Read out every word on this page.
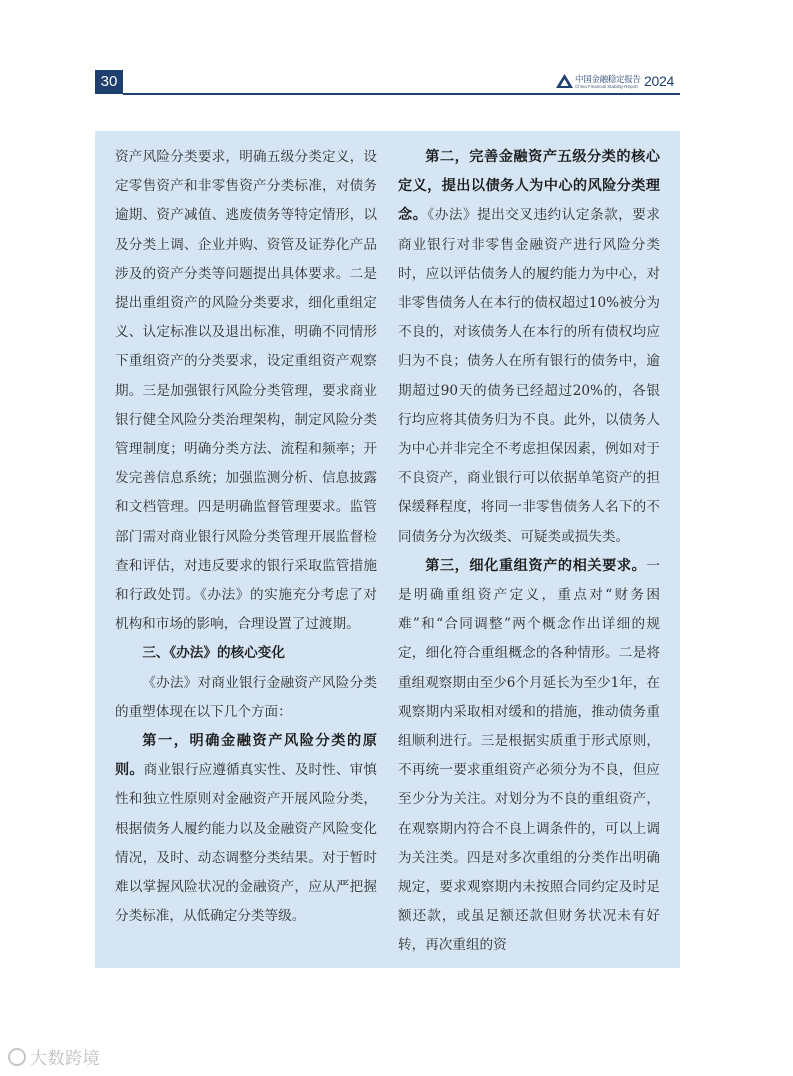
30	中国金融稳定报告
China Financial Stability Report 2024

资产风险分类要求，明确五级分类定义，设定零售资产和非零售资产分类标准，对债务逾期、资产减值、逃废债务等特定情形，以及分类上调、企业并购、资管及证券化产品涉及的资产分类等问题提出具体要求。二是提出重组资产的风险分类要求，细化重组定义、认定标准以及退出标准，明确不同情形下重组资产的分类要求，设定重组资产观察期。三是加强银行风险分类管理，要求商业银行健全风险分类治理架构，制定风险分类管理制度；明确分类方法、流程和频率；开发完善信息系统；加强监测分析、信息披露和文档管理。四是明确监督管理要求。监管部门需对商业银行风险分类管理开展监督检查和评估，对违反要求的银行采取监管措施和行政处罚。《办法》的实施充分考虑了对机构和市场的影响，合理设置了过渡期。

三、《办法》的核心变化

《办法》对商业银行金融资产风险分类的重塑体现在以下几个方面：

第一，明确金融资产风险分类的原则。商业银行应遵循真实性、及时性、审慎性和独立性原则对金融资产开展风险分类，根据债务人履约能力以及金融资产风险变化情况，及时、动态调整分类结果。对于暂时难以掌握风险状况的金融资产，应从严把握分类标准，从低确定分类等级。

第二，完善金融资产五级分类的核心定义，提出以债务人为中心的风险分类理念。《办法》提出交叉违约认定条款，要求商业银行对非零售金融资产进行风险分类时，应以评估债务人的履约能力为中心，对非零售债务人在本行的债权超过10%被分为不良的，对该债务人在本行的所有债权均应归为不良；债务人在所有银行的债务中，逾期超过90天的债务已经超过20%的，各银行均应将其债务归为不良。此外，以债务人为中心并非完全不考虑担保因素，例如对于不良资产，商业银行可以依据单笔资产的担保缓释程度，将同一非零售债务人名下的不同债务分为次级类、可疑类或损失类。

第三，细化重组资产的相关要求。一是明确重组资产定义，重点对“财务困难”和“合同调整”两个概念作出详细的规定，细化符合重组概念的各种情形。二是将重组观察期由至少6个月延长为至少1年，在观察期内采取相对缓和的措施，推动债务重组顺利进行。三是根据实质重于形式原则，不再统一要求重组资产必须分为不良，但应至少分为关注。对划分为不良的重组资产，在观察期内符合不良上调条件的，可以上调为关注类。四是对多次重组的分类作出明确规定，要求观察期内未按照合同约定及时足额还款，或虽足额还款但财务状况未有好转，再次重组的资

大数跨境
